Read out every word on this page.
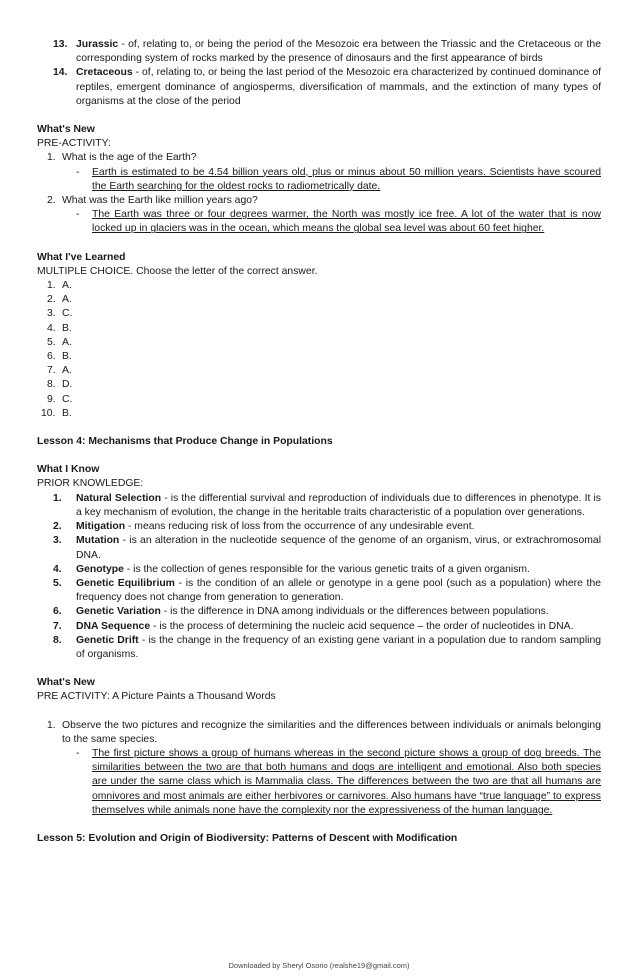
13. Jurassic - of, relating to, or being the period of the Mesozoic era between the Triassic and the Cretaceous or the corresponding system of rocks marked by the presence of dinosaurs and the first appearance of birds
14. Cretaceous - of, relating to, or being the last period of the Mesozoic era characterized by continued dominance of reptiles, emergent dominance of angiosperms, diversification of mammals, and the extinction of many types of organisms at the close of the period
What's New
PRE-ACTIVITY:
1. What is the age of the Earth?
- Earth is estimated to be 4.54 billion years old, plus or minus about 50 million years. Scientists have scoured the Earth searching for the oldest rocks to radiometrically date.
2. What was the Earth like million years ago?
- The Earth was three or four degrees warmer, the North was mostly ice free. A lot of the water that is now locked up in glaciers was in the ocean, which means the global sea level was about 60 feet higher.
What I've Learned
MULTIPLE CHOICE. Choose the letter of the correct answer.
1. A.
2. A.
3. C.
4. B.
5. A.
6. B.
7. A.
8. D.
9. C.
10. B.
Lesson 4: Mechanisms that Produce Change in Populations
What I Know
PRIOR KNOWLEDGE:
1. Natural Selection - is the differential survival and reproduction of individuals due to differences in phenotype. It is a key mechanism of evolution, the change in the heritable traits characteristic of a population over generations.
2. Mitigation - means reducing risk of loss from the occurrence of any undesirable event.
3. Mutation - is an alteration in the nucleotide sequence of the genome of an organism, virus, or extrachromosomal DNA.
4. Genotype - is the collection of genes responsible for the various genetic traits of a given organism.
5. Genetic Equilibrium - is the condition of an allele or genotype in a gene pool (such as a population) where the frequency does not change from generation to generation.
6. Genetic Variation - is the difference in DNA among individuals or the differences between populations.
7. DNA Sequence - is the process of determining the nucleic acid sequence – the order of nucleotides in DNA.
8. Genetic Drift - is the change in the frequency of an existing gene variant in a population due to random sampling of organisms.
What's New
PRE ACTIVITY: A Picture Paints a Thousand Words
1. Observe the two pictures and recognize the similarities and the differences between individuals or animals belonging to the same species.
- The first picture shows a group of humans whereas in the second picture shows a group of dog breeds. The similarities between the two are that both humans and dogs are intelligent and emotional. Also both species are under the same class which is Mammalia class. The differences between the two are that all humans are omnivores and most animals are either herbivores or carnivores. Also humans have “true language” to express themselves while animals none have the complexity nor the expressiveness of the human language.
Lesson 5: Evolution and Origin of Biodiversity: Patterns of Descent with Modification
Downloaded by Sheryl Osorio (realshe19@gmail.com)
